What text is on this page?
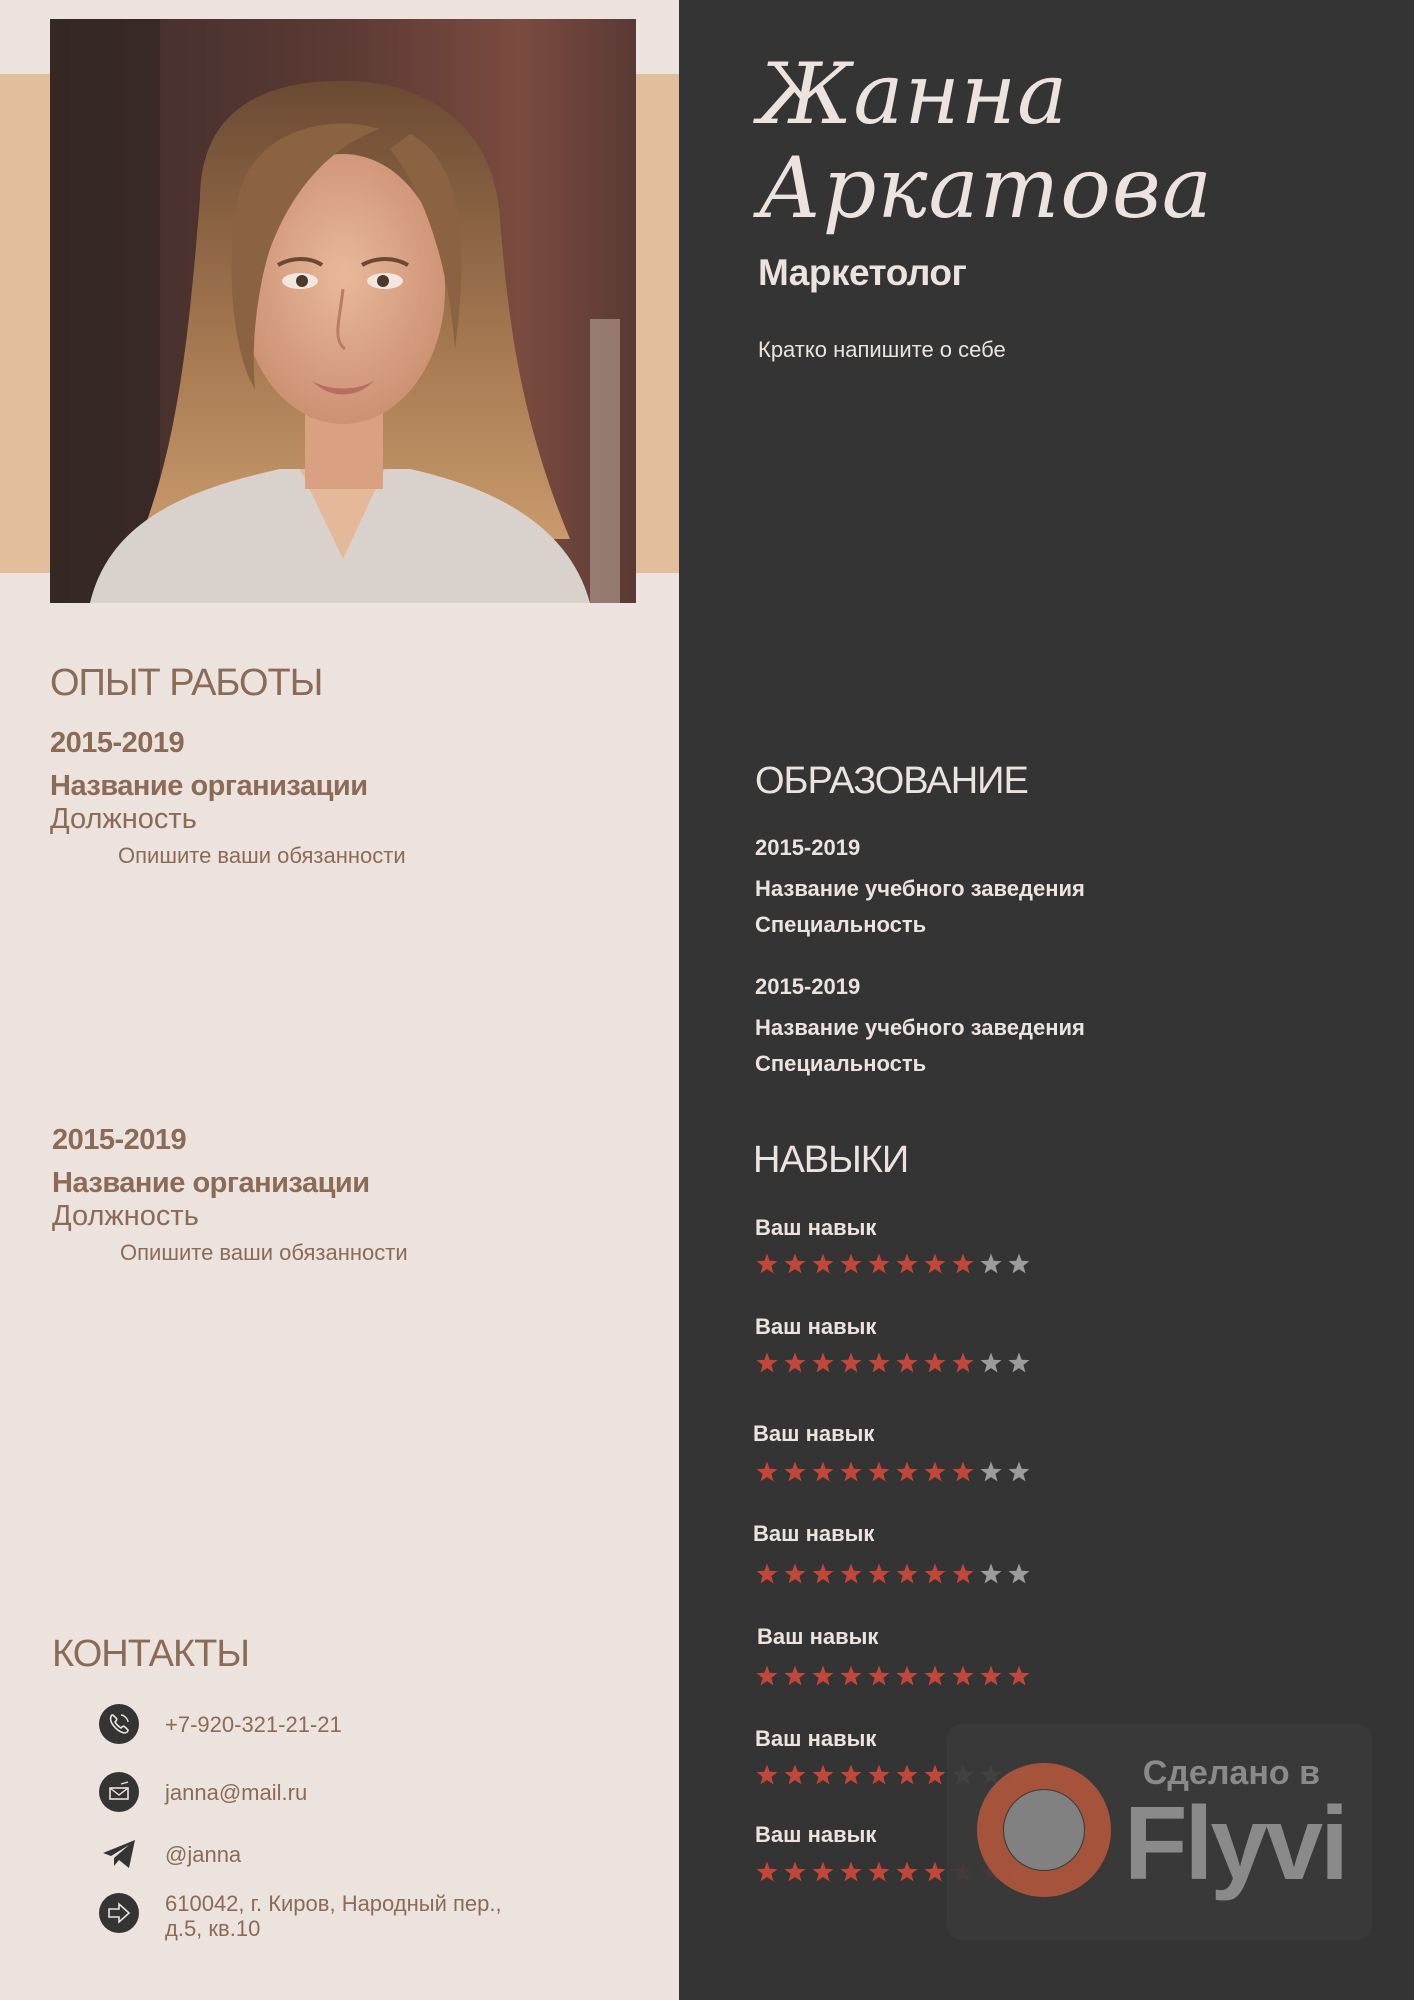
Жанна
Аркатова
Маркетолог
Кратко напишите о себе
ОПЫТ РАБОТЫ
2015-2019
Название организации
Должность
Опишите ваши обязанности
2015-2019
Название организации
Должность
Опишите ваши обязанности
КОНТАКТЫ
+7-920-321-21-21
janna@mail.ru
@janna
610042, г. Киров, Народный пер.,
д.5, кв.10
ОБРАЗОВАНИЕ
2015-2019
Название учебного заведения
Специальность
2015-2019
Название учебного заведения
Специальность
НАВЫКИ
Ваш навык
Ваш навык
Ваш навык
Ваш навык
Ваш навык
Ваш навык
Ваш навык
Сделано в
Flyvi
